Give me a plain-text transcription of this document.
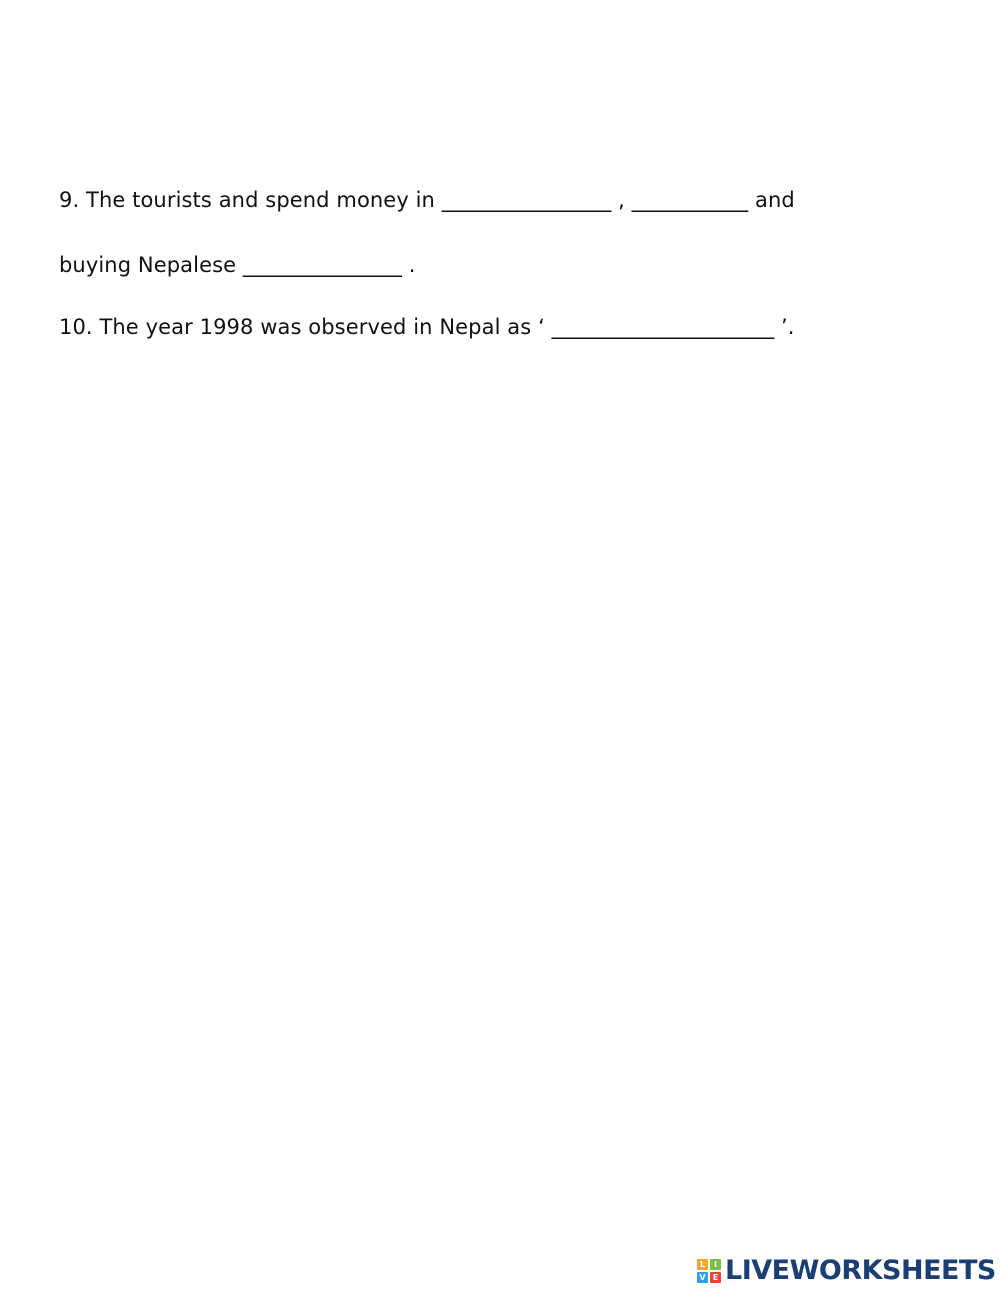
9. The tourists and spend money in ________________ , ___________ and
buying Nepalese _______________ .
10. The year 1998 was observed in Nepal as ‘ _____________________ ’.
L	I
V E LIVEWORKSHEETS
